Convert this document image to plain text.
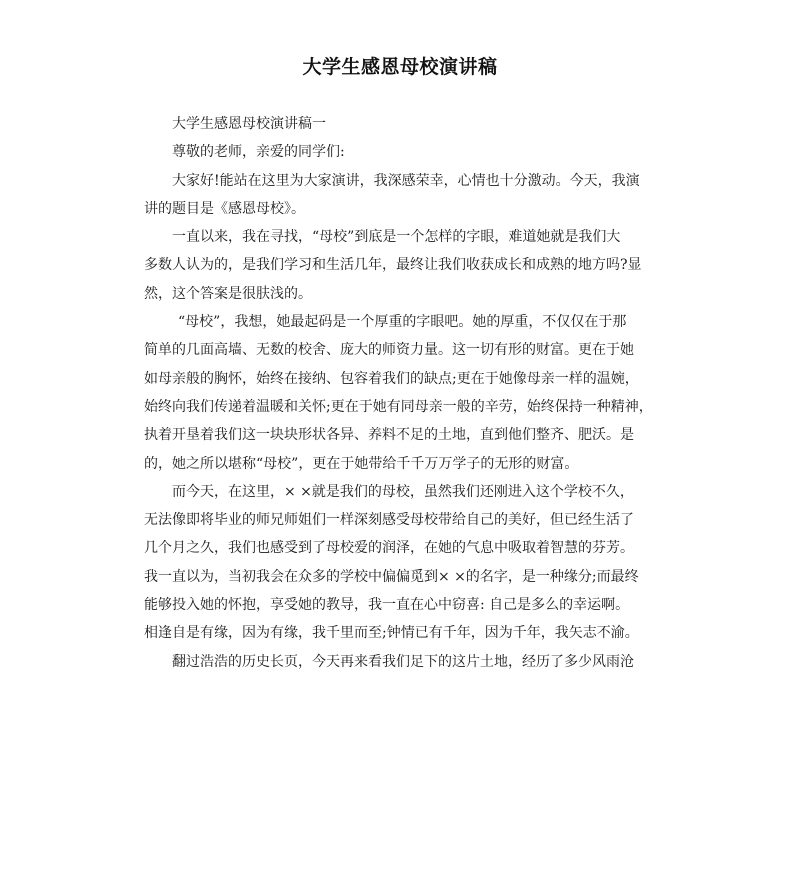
大学生感恩母校演讲稿
大学生感恩母校演讲稿一
尊敬的老师，亲爱的同学们:
大家好!能站在这里为大家演讲，我深感荣幸，心情也十分激动。今天，我演
讲的题目是《感恩母校》。
一直以来，我在寻找，“母校”到底是一个怎样的字眼，难道她就是我们大
多数人认为的，是我们学习和生活几年，最终让我们收获成长和成熟的地方吗?显
然，这个答案是很肤浅的。
“母校”，我想，她最起码是一个厚重的字眼吧。她的厚重，不仅仅在于那
简单的几面高墙、无数的校舍、庞大的师资力量。这一切有形的财富。更在于她
如母亲般的胸怀，始终在接纳、包容着我们的缺点;更在于她像母亲一样的温婉，
始终向我们传递着温暖和关怀;更在于她有同母亲一般的辛劳，始终保持一种精神，
执着开垦着我们这一块块形状各异、养料不足的土地，直到他们整齐、肥沃。是
的，她之所以堪称“母校”，更在于她带给千千万万学子的无形的财富。
而今天，在这里，× ×就是我们的母校，虽然我们还刚进入这个学校不久，
无法像即将毕业的师兄师姐们一样深刻感受母校带给自己的美好，但已经生活了
几个月之久，我们也感受到了母校爱的润泽，在她的气息中吸取着智慧的芬芳。
我一直以为，当初我会在众多的学校中偏偏觅到× ×的名字，是一种缘分;而最终
能够投入她的怀抱，享受她的教导，我一直在心中窃喜: 自己是多么的幸运啊。
相逢自是有缘，因为有缘，我千里而至;钟情已有千年，因为千年，我矢志不渝。
翻过浩浩的历史长页，今天再来看我们足下的这片土地，经历了多少风雨沧
